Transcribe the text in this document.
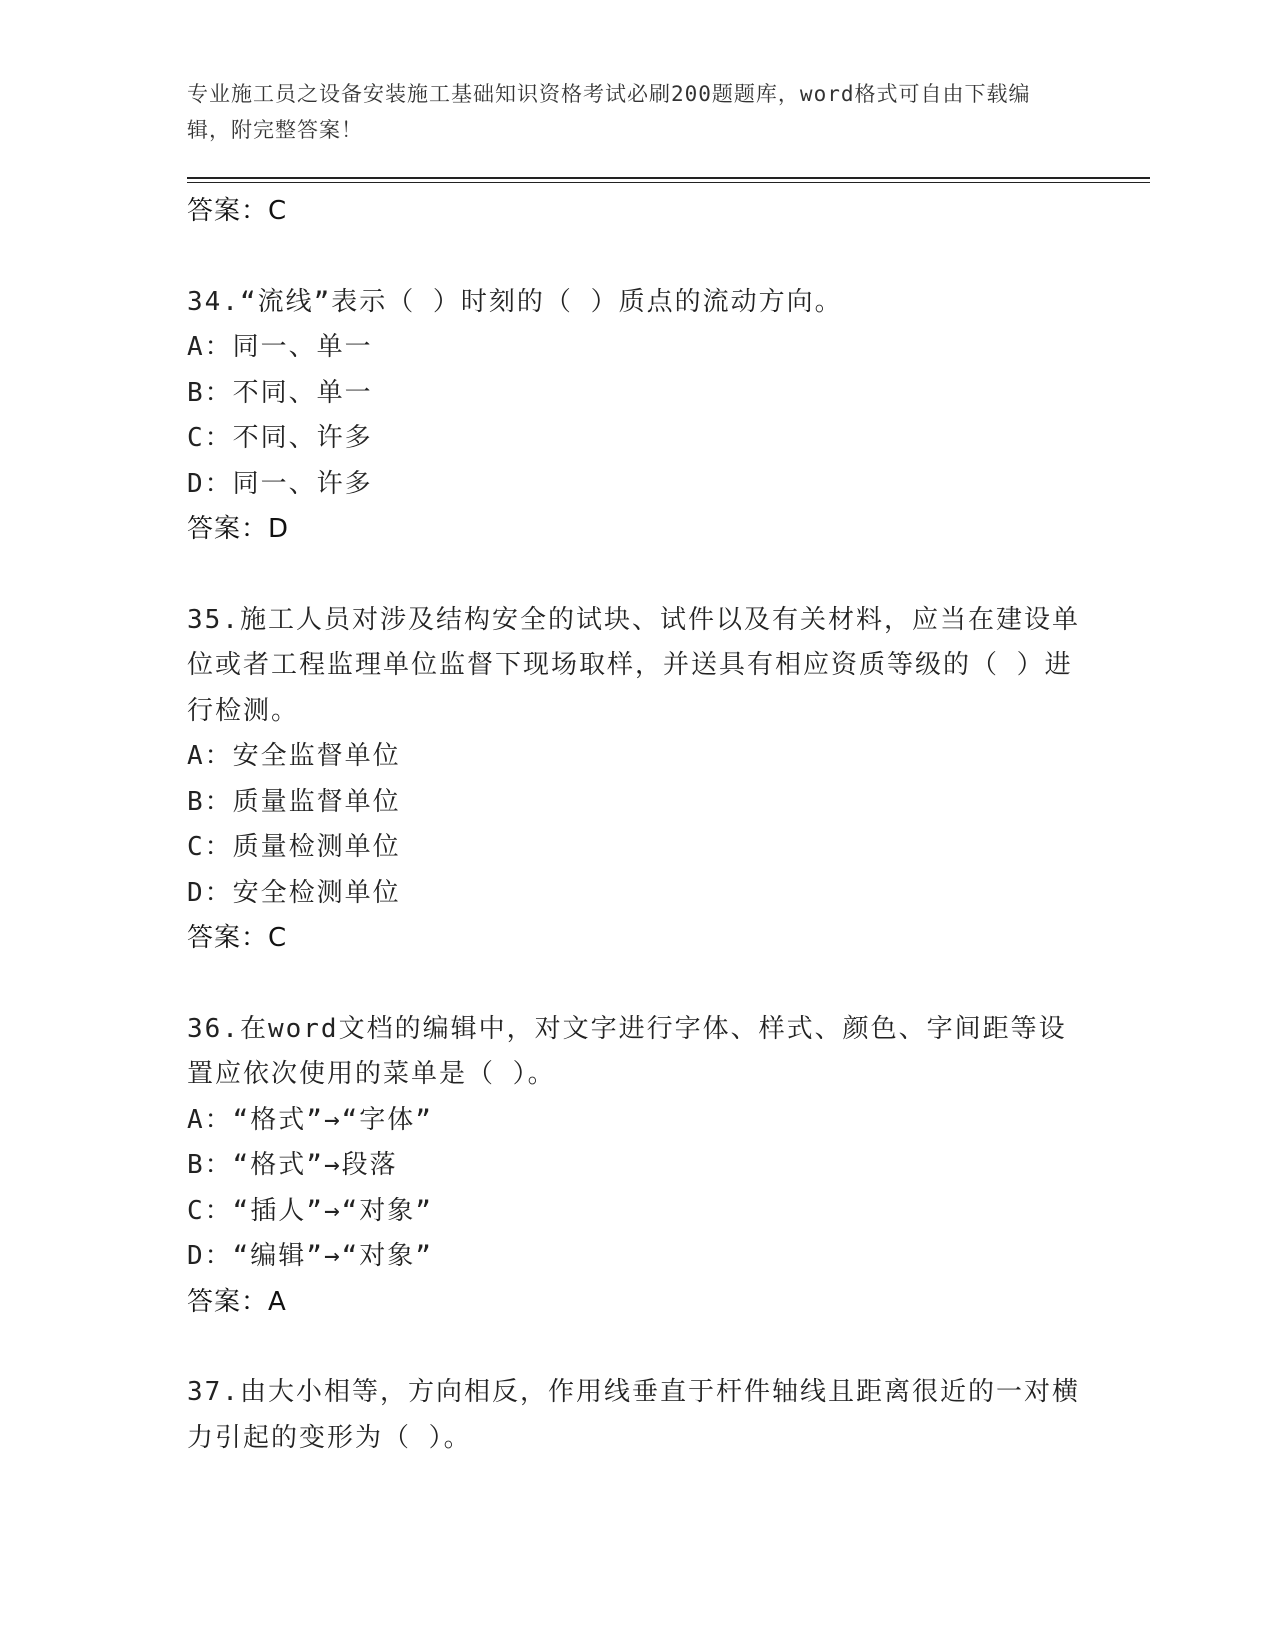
专业施工员之设备安装施工基础知识资格考试必刷200题题库，word格式可自由下载编辑，附完整答案！
答案：C
34.“流线”表示（ ）时刻的（ ）质点的流动方向。
A：同一、单一
B：不同、单一
C：不同、许多
D：同一、许多
答案：D
35.施工人员对涉及结构安全的试块、试件以及有关材料，应当在建设单位或者工程监理单位监督下现场取样，并送具有相应资质等级的（ ）进行检测。
A：安全监督单位
B：质量监督单位
C：质量检测单位
D：安全检测单位
答案：C
36.在word文档的编辑中，对文字进行字体、样式、颜色、字间距等设置应依次使用的菜单是（ ）。
A：“格式”→“字体”
B：“格式”→段落
C：“插人”→“对象”
D：“编辑”→“对象”
答案：A
37.由大小相等，方向相反，作用线垂直于杆件轴线且距离很近的一对横力引起的变形为（ ）。
